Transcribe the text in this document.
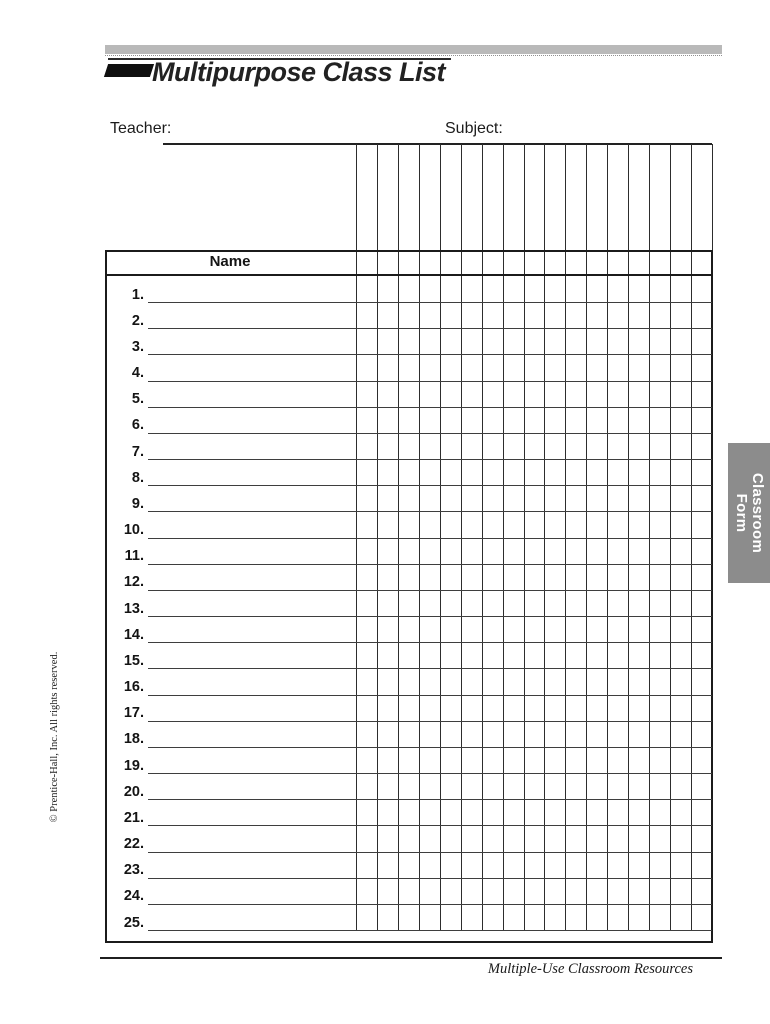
Multipurpose Class List
Teacher:	Subject:
Name
1.
2.
3.
4.
5.
6.
7.
8.
9.
10.
11.
12.
13.
14.
15.
16.
17.
18.
19.
20.
21.
22.
23.
24.
25.
Multiple-Use Classroom Resources
© Prentice-Hall, Inc. All rights reserved.
Classroom
Form
